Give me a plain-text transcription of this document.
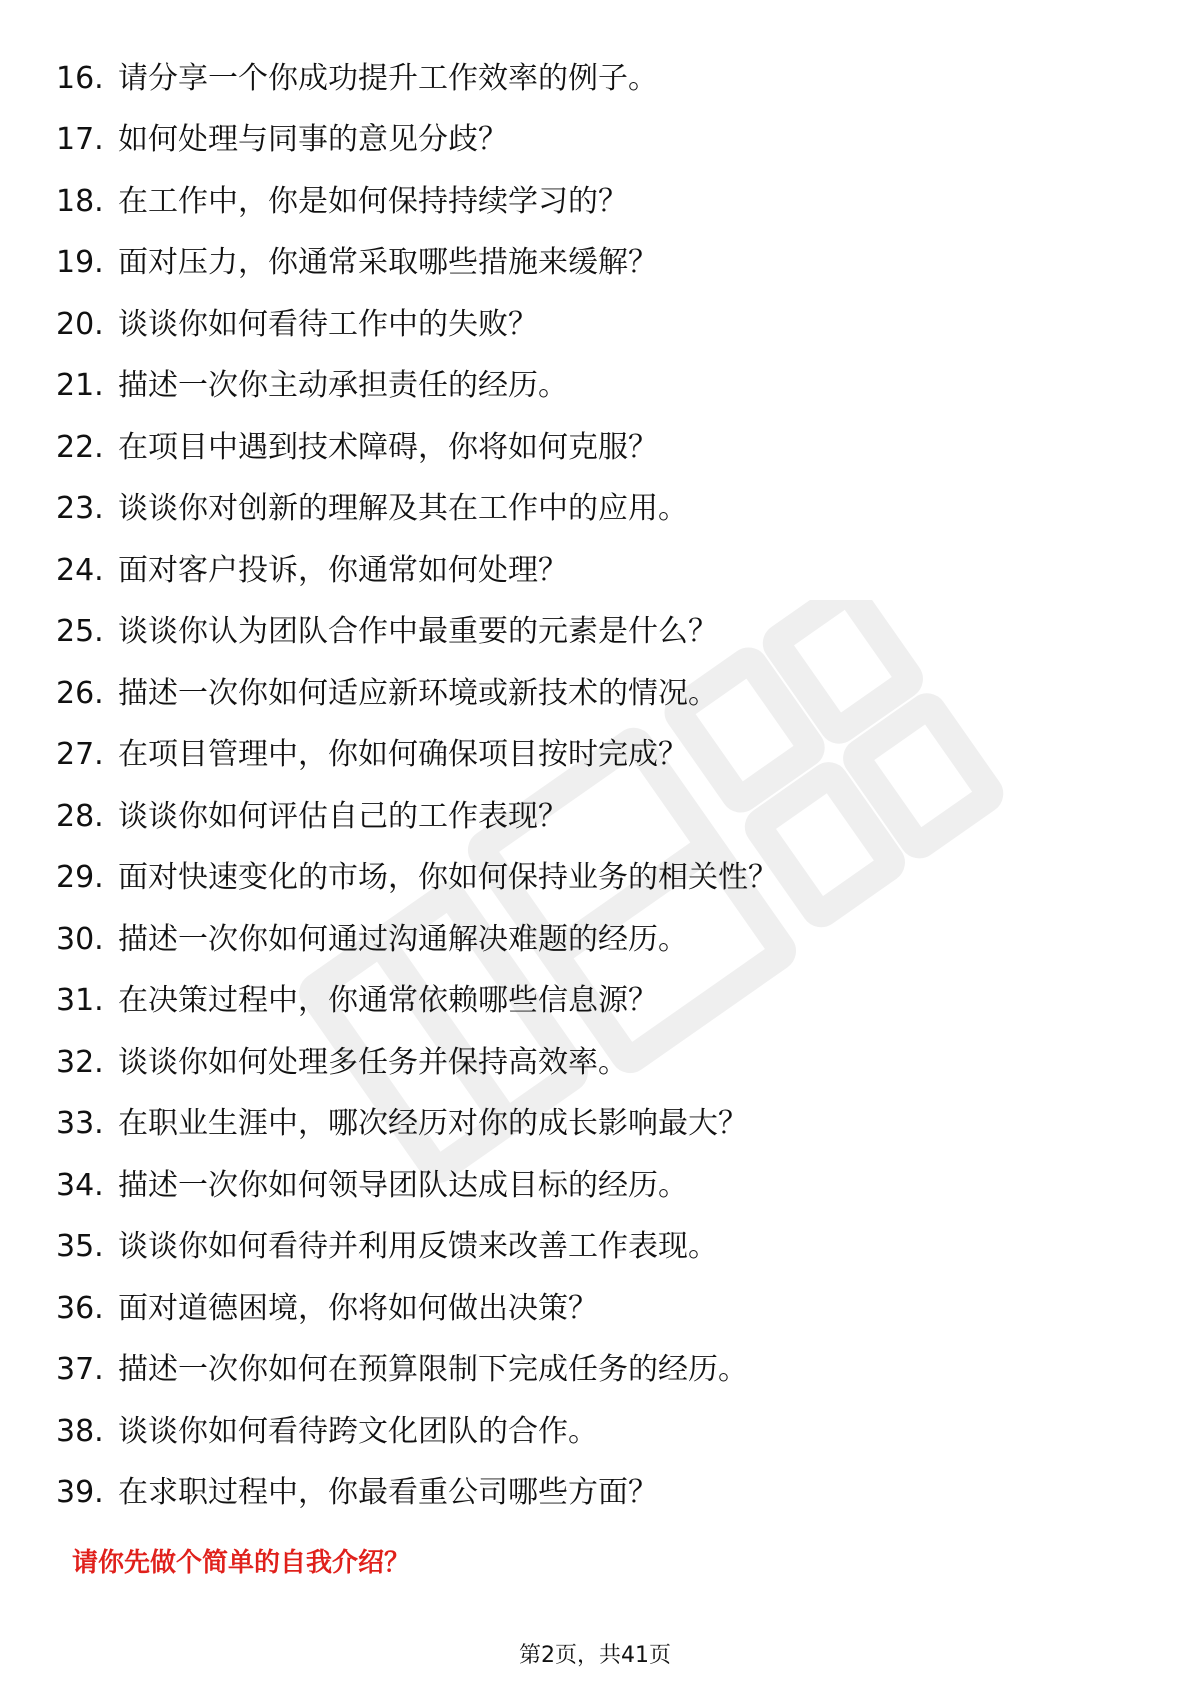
16. 请分享一个你成功提升工作效率的例子。
17. 如何处理与同事的意见分歧？
18. 在工作中，你是如何保持持续学习的？
19. 面对压力，你通常采取哪些措施来缓解？
20. 谈谈你如何看待工作中的失败？
21. 描述一次你主动承担责任的经历。
22. 在项目中遇到技术障碍，你将如何克服？
23. 谈谈你对创新的理解及其在工作中的应用。
24. 面对客户投诉，你通常如何处理？
25. 谈谈你认为团队合作中最重要的元素是什么？
26. 描述一次你如何适应新环境或新技术的情况。
27. 在项目管理中，你如何确保项目按时完成？
28. 谈谈你如何评估自己的工作表现？
29. 面对快速变化的市场，你如何保持业务的相关性？
30. 描述一次你如何通过沟通解决难题的经历。
31. 在决策过程中，你通常依赖哪些信息源？
32. 谈谈你如何处理多任务并保持高效率。
33. 在职业生涯中，哪次经历对你的成长影响最大？
34. 描述一次你如何领导团队达成目标的经历。
35. 谈谈你如何看待并利用反馈来改善工作表现。
36. 面对道德困境，你将如何做出决策？
37. 描述一次你如何在预算限制下完成任务的经历。
38. 谈谈你如何看待跨文化团队的合作。
39. 在求职过程中，你最看重公司哪些方面？
请你先做个简单的自我介绍？
第2页，共41页
